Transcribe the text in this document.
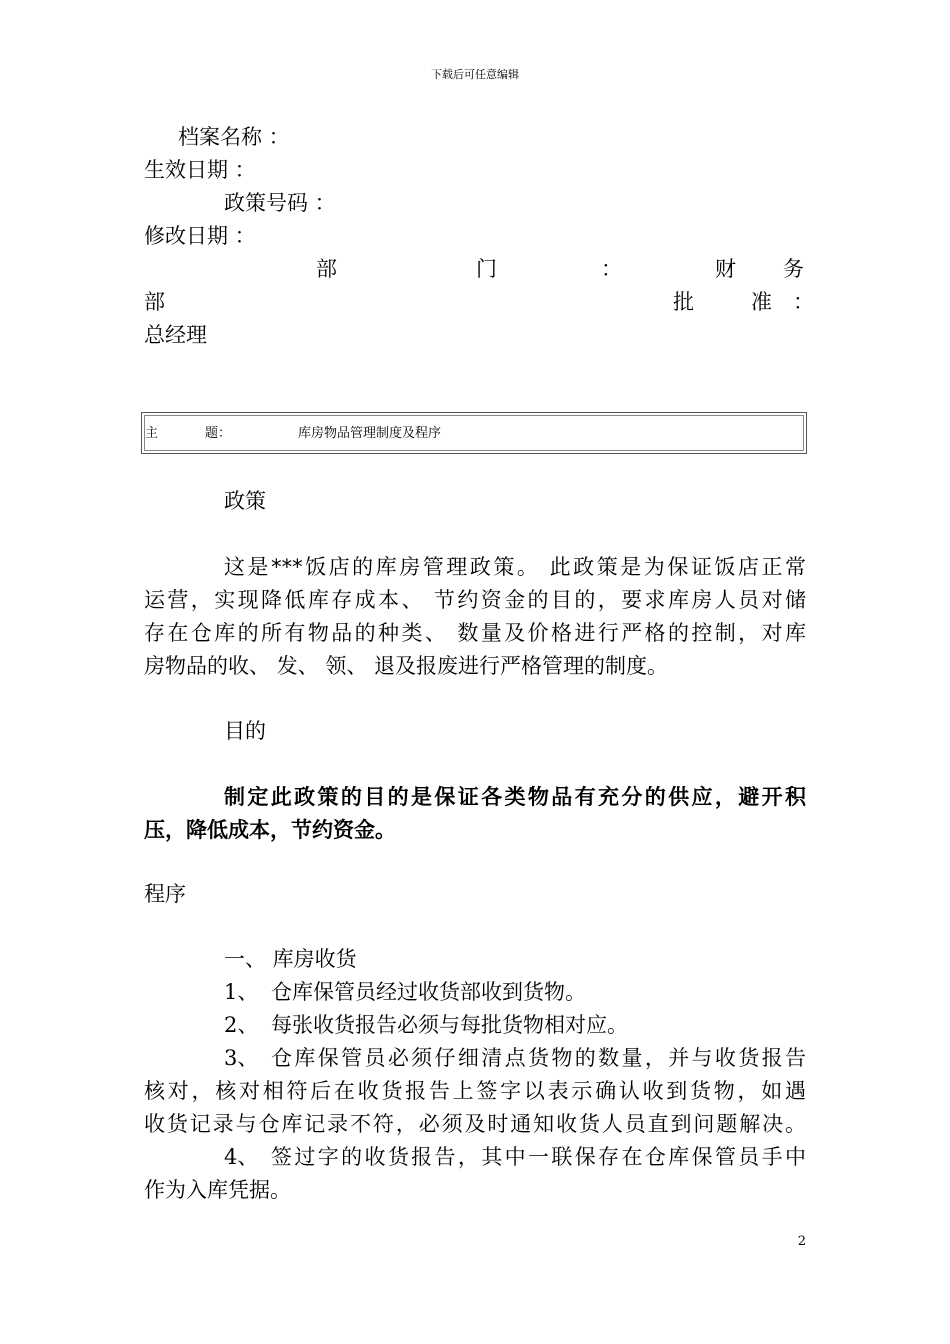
下载后可任意编辑
档案名称 ：
生效日期 ：
政策号码 ：
修改日期 ：
部	门	：	财 务
部	批	准 ：
总经理
主	题：	库房物品管理制度及程序
政策
这是***饭店的库房管理政策。 此政策是为保证饭店正常
运营，实现降低库存成本、 节约资金的目的，要求库房人员对储
存在仓库的所有物品的种类、 数量及价格进行严格的控制，对库
房物品的收、 发、 领、 退及报废进行严格管理的制度。
目的
制定此政策的目的是保证各类物品有充分的供应，避开积
压，降低成本，节约资金。
程序
一、 库房收货
1、 仓库保管员经过收货部收到货物。
2、 每张收货报告必须与每批货物相对应。
3、 仓库保管员必须仔细清点货物的数量，并与收货报告
核对，核对相符后在收货报告上签字以表示确认收到货物，如遇
收货记录与仓库记录不符，必须及时通知收货人员直到问题解决。
4、 签过字的收货报告，其中一联保存在仓库保管员手中
作为入库凭据。
2
